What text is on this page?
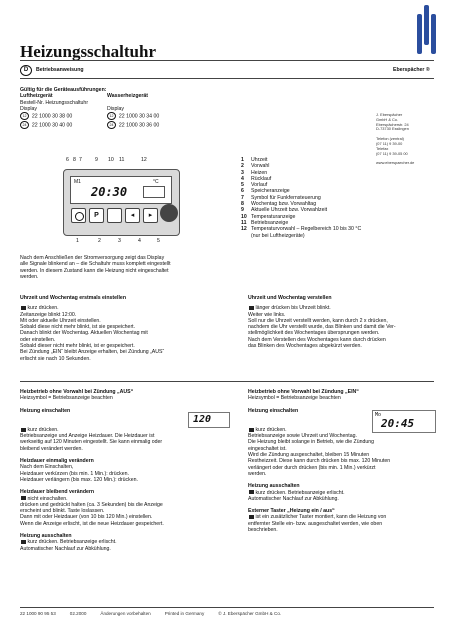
Heizungsschaltuhr
D	Betriebsanweisung	Eberspächer ®
Gültig für die Geräteausführungen:
Luftheizgerät	Wasserheizgerät
Bestell-Nr. Heizungsschaltuhr
Display	Display
12 22 1000 30 38 00	12 22 1000 30 34 00
24 22 1000 30 40 00	24 22 1000 30 36 00
J. Eberspächer
GmbH & Co.
Eberspächerstr. 24
D-73730 Esslingen
Telefon (zentral)
(07 11) 9 39-00
Telefax
(07 11) 9 39-05 00
www.eberspaecher.de
6 8 7	9 10 11	12
M1	°C
20:30
P	◂	▸
1	2	3	4	5
1	Uhrzeit
2	Vorwahl
3	Heizen
4	Rücklauf
5	Vorlauf
6	Speicheranzeige
7	Symbol für Funkfernsteuerung
8	Wochentag bzw. Vorwahltag
9	Aktuelle Uhrzeit bzw. Vorwahlzeit
10 Temperaturanzeige
11 Betriebsanzeige
12 Temperaturvorwahl – Regelbereich 10 bis 30 °C
(nur bei Luftheizgeräte)
Nach dem Anschließen der Stromversorgung zeigt das Display
alle Signale blinkend an – die Schaltuhr muss komplett eingestellt
werden. In diesem Zustand kann die Heizung nicht eingeschaltet
werden.
Uhrzeit und Wochentag erstmals einstellen
kurz drücken.
Zeitanzeige blinkt 12:00.
Mit oder aktuelle Uhrzeit einstellen.
Sobald diese nicht mehr blinkt, ist sie gespeichert.
Danach blinkt der Wochentag. Aktuellen Wochentag mit
oder einstellen.
Sobald dieser nicht mehr blinkt, ist er gespeichert.
Bei Zündung „EIN“ bleibt Anzeige erhalten, bei Zündung „AUS“
erlischt sie nach 10 Sekunden.
Uhrzeit und Wochentag verstellen
länger drücken bis Uhrzeit blinkt.
Weiter wie links.
Soll nur die Uhrzeit verstellt werden, kann durch 2 x drücken,
nachdem die Uhr verstellt wurde, das Blinken und damit die Ver-
stellmöglichkeit des Wochentages übersprungen werden.
Nach dem Verstellen des Wochentages kann durch drücken
das Blinken des Wochentages abgekürzt werden.
Heizbetrieb ohne Vorwahl bei Zündung „AUS“
Heizsymbol = Betriebsanzeige beachten
Heizung einschalten
kurz drücken.
Betriebsanzeige und Anzeige Heizdauer. Die Heizdauer ist
werkseitig auf 120 Minuten eingestellt. Sie kann einmalig oder
bleibend verändert werden.
Heizdauer einmalig verändern
Nach dem Einschalten,
Heizdauer verkürzen (bis min. 1 Min.): drücken.
Heizdauer verlängern (bis max. 120 Min.): drücken.
Heizdauer bleibend verändern
nicht einschalten.
drücken und gedrückt halten (ca. 3 Sekunden) bis die Anzeige
erscheint und blinkt. Taste loslassen.
Dann mit oder Heizdauer (von 10 bis 120 Min.) einstellen.
Wenn die Anzeige erlischt, ist die neue Heizdauer gespeichert.
Heizung ausschalten
kurz drücken. Betriebsanzeige erlischt.
Automatischer Nachlauf zur Abkühlung.
120
Heizbetrieb ohne Vorwahl bei Zündung „EIN“
Heizsymbol = Betriebsanzeige beachten
Heizung einschalten
kurz drücken.
Betriebsanzeige sowie Uhrzeit und Wochentag.
Die Heizung bleibt solange in Betrieb, wie die Zündung
eingeschaltet ist.
Wird die Zündung ausgeschaltet, bleiben 15 Minuten
Restheizzeit. Diese kann durch drücken bis max. 120 Minuten
verlängert oder durch drücken (bis min. 1 Min.) verkürzt
werden.
Heizung ausschalten
kurz drücken. Betriebsanzeige erlischt.
Automatischer Nachlauf zur Abkühlung.
Externer Taster „Heizung ein / aus“
ist ein zusätzlicher Taster montiert, kann die Heizung von
entfernter Stelle ein- bzw. ausgeschaltet werden, wie oben
beschrieben.
Mo
20:45
22 1000 90 95 53	02.2000	Änderungen vorbehalten	Printed in Germany	© J. Eberspächer GmbH & Co.
